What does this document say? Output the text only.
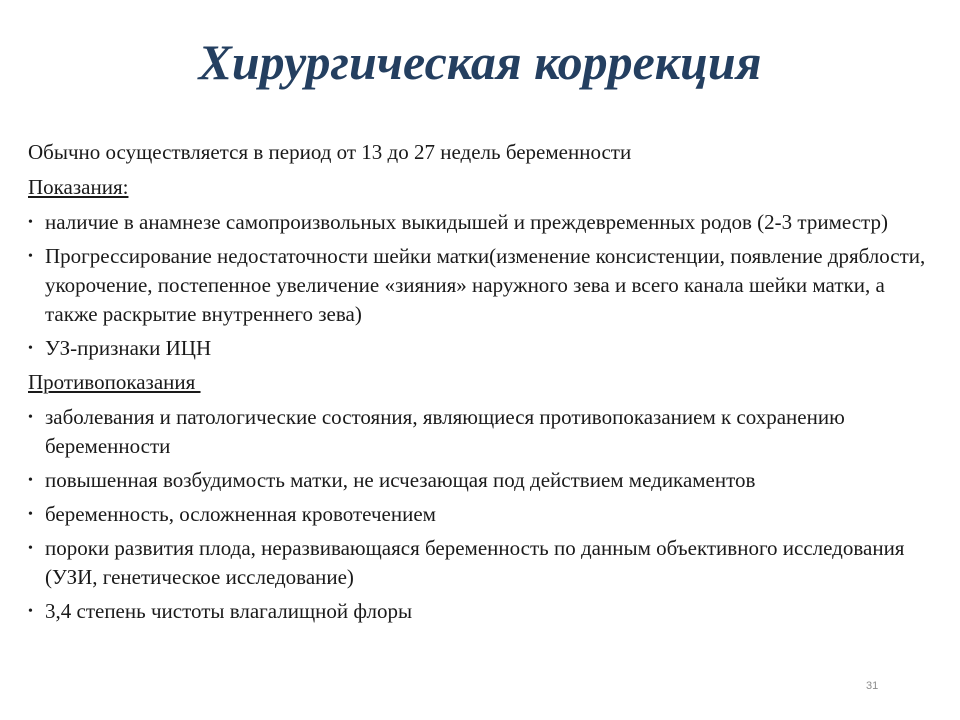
Хирургическая коррекция

Обычно осуществляется в период от 13 до 27 недель беременности

Показания:

• наличие в анамнезе самопроизвольных выкидышей и преждевременных родов (2-3 триместр)
• Прогрессирование недостаточности шейки матки(изменение консистенции, появление дряблости, укорочение, постепенное увеличение «зияния» наружного зева и всего канала шейки матки, а также раскрытие внутреннего зева)
• УЗ-признаки ИЦН

Противопоказания

• заболевания и патологические состояния, являющиеся противопоказанием к сохранению беременности
• повышенная возбудимость матки, не исчезающая под действием медикаментов
• беременность, осложненная кровотечением
• пороки развития плода, неразвивающаяся беременность по данным объективного исследования (УЗИ, генетическое исследование)
• 3,4 степень чистоты влагалищной флоры
31
